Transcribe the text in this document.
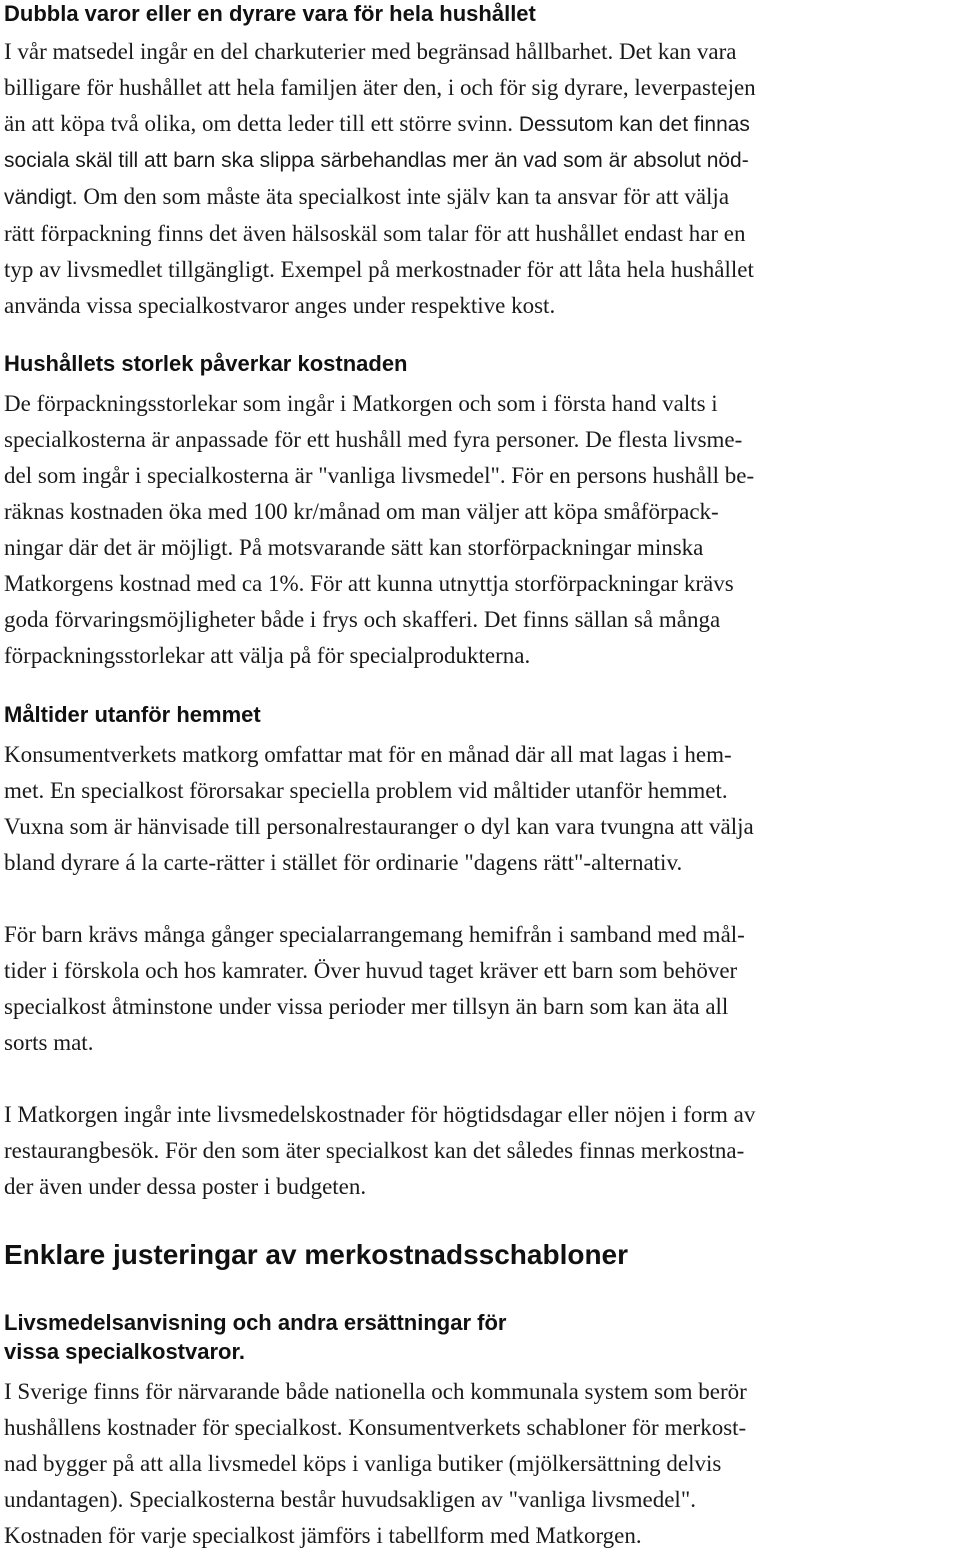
Dubbla varor eller en dyrare vara för hela hushållet
I vår matsedel ingår en del charkuterier med begränsad hållbarhet. Det kan vara
billigare för hushållet att hela familjen äter den, i och för sig dyrare, leverpastejen
än att köpa två olika, om detta leder till ett större svinn. Dessutom kan det finnas
sociala skäl till att barn ska slippa särbehandlas mer än vad som är absolut nöd-
vändigt. Om den som måste äta specialkost inte själv kan ta ansvar för att välja
rätt förpackning finns det även hälsoskäl som talar för att hushållet endast har en
typ av livsmedlet tillgängligt. Exempel på merkostnader för att låta hela hushållet
använda vissa specialkostvaror anges under respektive kost.
Hushållets storlek påverkar kostnaden
De förpackningsstorlekar som ingår i Matkorgen och som i första hand valts i
specialkosterna är anpassade för ett hushåll med fyra personer. De flesta livsme-
del som ingår i specialkosterna är "vanliga livsmedel". För en persons hushåll be-
räknas kostnaden öka med 100 kr/månad om man väljer att köpa småförpack-
ningar där det är möjligt. På motsvarande sätt kan storförpackningar minska
Matkorgens kostnad med ca 1%. För att kunna utnyttja storförpackningar krävs
goda förvaringsmöjligheter både i frys och skafferi. Det finns sällan så många
förpackningsstorlekar att välja på för specialprodukterna.
Måltider utanför hemmet
Konsumentverkets matkorg omfattar mat för en månad där all mat lagas i hem-
met. En specialkost förorsakar speciella problem vid måltider utanför hemmet.
Vuxna som är hänvisade till personalrestauranger o dyl kan vara tvungna att välja
bland dyrare á la carte-rätter i stället för ordinarie "dagens rätt"-alternativ.
För barn krävs många gånger specialarrangemang hemifrån i samband med mål-
tider i förskola och hos kamrater. Över huvud taget kräver ett barn som behöver
specialkost åtminstone under vissa perioder mer tillsyn än barn som kan äta all
sorts mat.
I Matkorgen ingår inte livsmedelskostnader för högtidsdagar eller nöjen i form av
restaurangbesök. För den som äter specialkost kan det således finnas merkostna-
der även under dessa poster i budgeten.
Enklare justeringar av merkostnadsschabloner
Livsmedelsanvisning och andra ersättningar för
vissa specialkostvaror.
I Sverige finns för närvarande både nationella och kommunala system som berör
hushållens kostnader för specialkost. Konsumentverkets schabloner för merkost-
nad bygger på att alla livsmedel köps i vanliga butiker (mjölkersättning delvis
undantagen). Specialkosterna består huvudsakligen av "vanliga livsmedel".
Kostnaden för varje specialkost jämförs i tabellform med Matkorgen.
